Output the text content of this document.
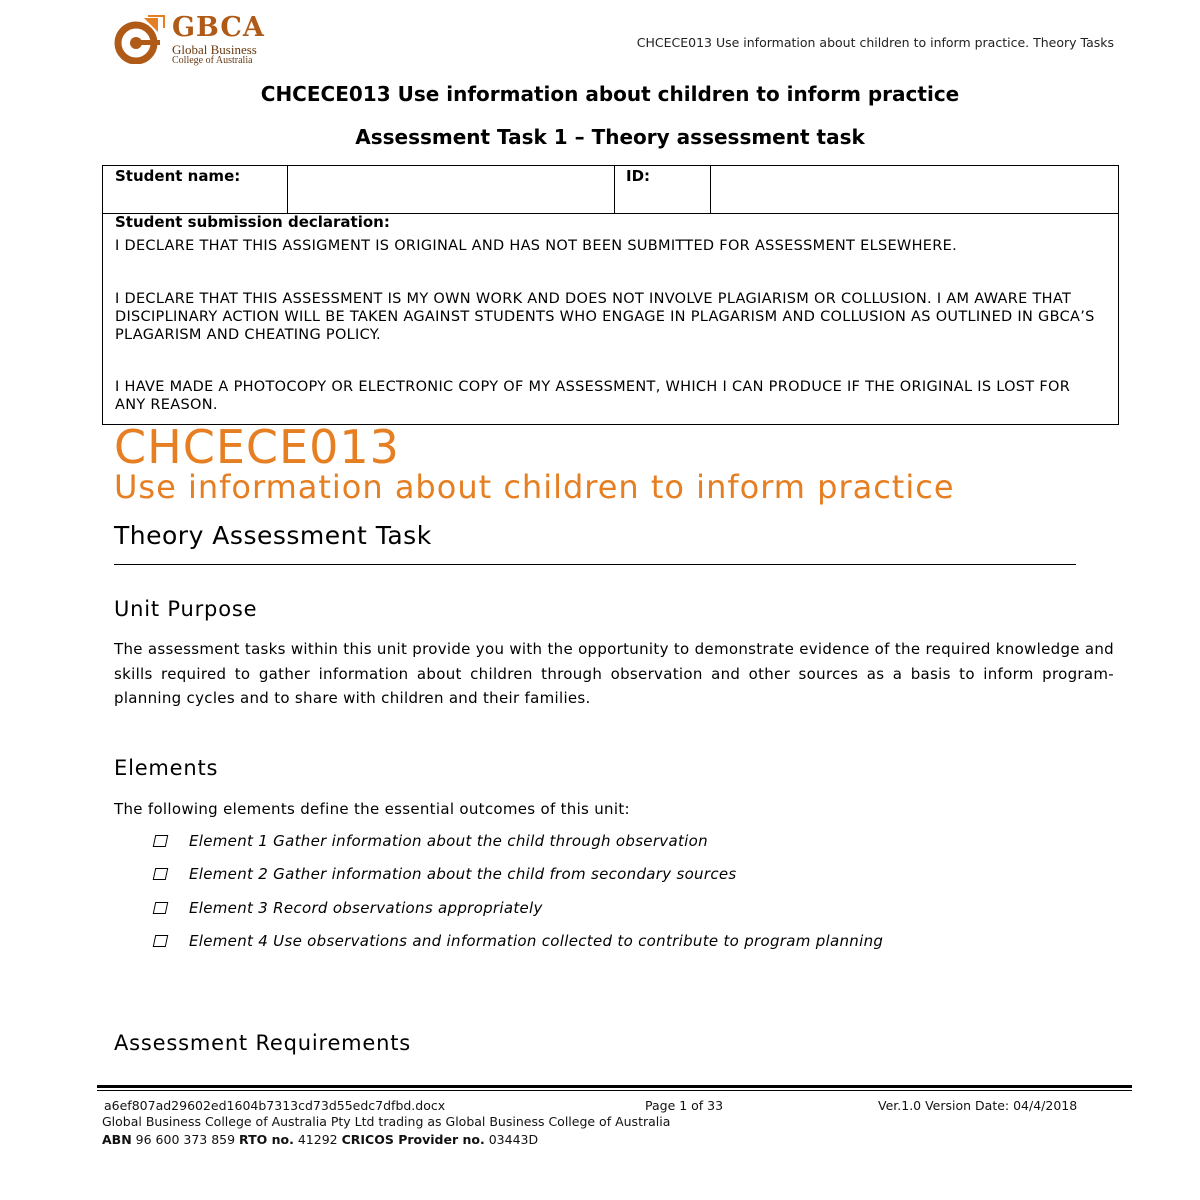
GBCA
Global Business
College of Australia
CHCECE013 Use information about children to inform practice. Theory Tasks
CHCECE013 Use information about children to inform practice
Assessment Task 1 – Theory assessment task
Student name:	ID:
Student submission declaration:
I DECLARE THAT THIS ASSIGMENT IS ORIGINAL AND HAS NOT BEEN SUBMITTED FOR ASSESSMENT ELSEWHERE.
I DECLARE THAT THIS ASSESSMENT IS MY OWN WORK AND DOES NOT INVOLVE PLAGIARISM OR COLLUSION. I AM AWARE THAT DISCIPLINARY ACTION WILL BE TAKEN AGAINST STUDENTS WHO ENGAGE IN PLAGARISM AND COLLUSION AS OUTLINED IN GBCA’S PLAGARISM AND CHEATING POLICY.
I HAVE MADE A PHOTOCOPY OR ELECTRONIC COPY OF MY ASSESSMENT, WHICH I CAN PRODUCE IF THE ORIGINAL IS LOST FOR ANY REASON.
CHCECE013
Use information about children to inform practice
Theory Assessment Task
Unit Purpose
The assessment tasks within this unit provide you with the opportunity to demonstrate evidence of the required knowledge and skills required to gather information about children through observation and other sources as a basis to inform program-planning cycles and to share with children and their families.
Elements
The following elements define the essential outcomes of this unit:
Element 1 Gather information about the child through observation
Element 2 Gather information about the child from secondary sources
Element 3 Record observations appropriately
Element 4 Use observations and information collected to contribute to program planning
Assessment Requirements
a6ef807ad29602ed1604b7313cd73d55edc7dfbd.docx	Page 1 of 33	Ver.1.0 Version Date: 04/4/2018
Global Business College of Australia Pty Ltd trading as Global Business College of Australia
ABN 96 600 373 859 RTO no. 41292 CRICOS Provider no. 03443D
